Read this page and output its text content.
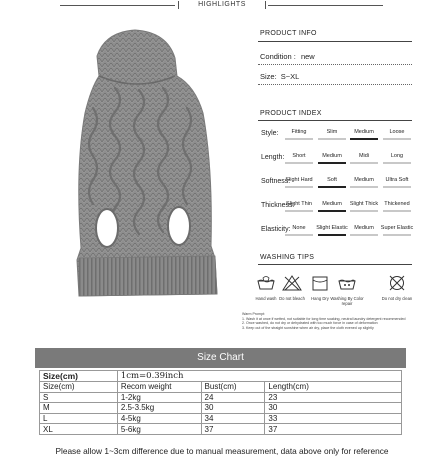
HIGHLIGHTS
PRODUCT INFO
Condition : new
Size: S~XL
PRODUCT INDEX
Style:	Fitting	Slim	Medium	Loose
Length:	Short	Medium	Midi	Long
Softness:
Slight Hard	Soft	Medium	Ultra Soft
Thickness:
Slight Thin	Medium	Slight Thick	Thickened
Elasticity: None	Slight Elastic	Medium	Super Elastic
WASHING TIPS
Hand wash Do not bleach	Hang Dry Washing By Color repair
Do not dry clean
Warm Prompt:
1. Wash it at once if wetted, not suitable for long time soaking, neutral laundry detergent recommended
2. Once washed, do not dry or dehydrated with too much force in case of deformation
3. Keep out of the straight sunshine when air dry, place the cloth evened up slightly
Size Chart
Size(cm)	1cm=0.39inch		
Size(cm)	Recom weight	Bust(cm)	Length(cm)
S	1-2kg	24	23
M	2.5-3.5kg	30	30
L	4-5kg	34	33
XL	5-6kg	37	37
Please allow 1~3cm difference due to manual measurement, data above only for reference
